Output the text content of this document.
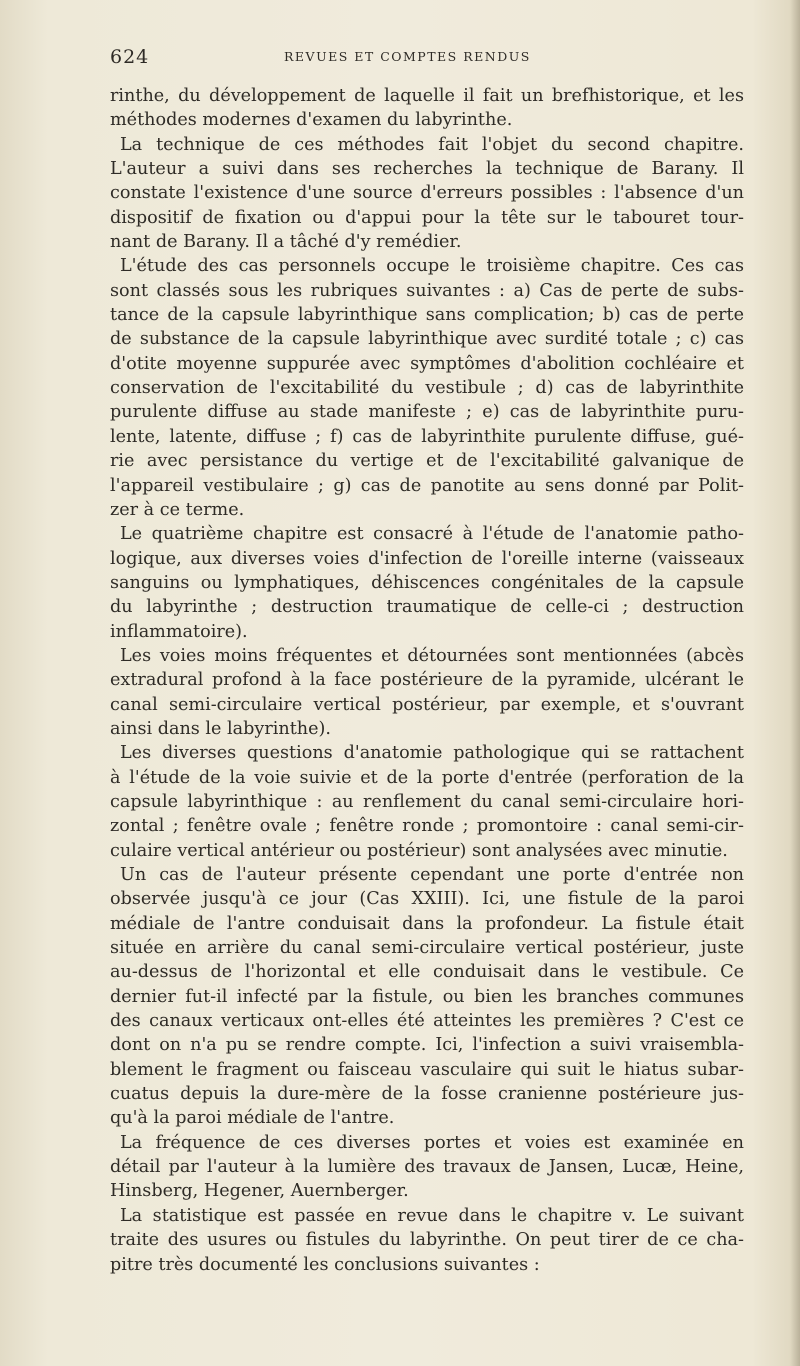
624	REVUES ET COMPTES RENDUS
rinthe, du développement de laquelle il fait un brefhistorique, et les
méthodes modernes d'examen du labyrinthe.
La technique de ces méthodes fait l'objet du second chapitre.
L'auteur a suivi dans ses recherches la technique de Barany. Il
constate l'existence d'une source d'erreurs possibles : l'absence d'un
dispositif de fixation ou d'appui pour la tête sur le tabouret tour-
nant de Barany. Il a tâché d'y remédier.
L'étude des cas personnels occupe le troisième chapitre. Ces cas
sont classés sous les rubriques suivantes : a) Cas de perte de subs-
tance de la capsule labyrinthique sans complication; b) cas de perte
de substance de la capsule labyrinthique avec surdité totale ; c) cas
d'otite moyenne suppurée avec symptômes d'abolition cochléaire et
conservation de l'excitabilité du vestibule ; d) cas de labyrinthite
purulente diffuse au stade manifeste ; e) cas de labyrinthite puru-
lente, latente, diffuse ; f) cas de labyrinthite purulente diffuse, gué-
rie avec persistance du vertige et de l'excitabilité galvanique de
l'appareil vestibulaire ; g) cas de panotite au sens donné par Polit-
zer à ce terme.
Le quatrième chapitre est consacré à l'étude de l'anatomie patho-
logique, aux diverses voies d'infection de l'oreille interne (vaisseaux
sanguins ou lymphatiques, déhiscences congénitales de la capsule
du labyrinthe ; destruction traumatique de celle-ci ; destruction
inflammatoire).
Les voies moins fréquentes et détournées sont mentionnées (abcès
extradural profond à la face postérieure de la pyramide, ulcérant le
canal semi-circulaire vertical postérieur, par exemple, et s'ouvrant
ainsi dans le labyrinthe).
Les diverses questions d'anatomie pathologique qui se rattachent
à l'étude de la voie suivie et de la porte d'entrée (perforation de la
capsule labyrinthique : au renflement du canal semi-circulaire hori-
zontal ; fenêtre ovale ; fenêtre ronde ; promontoire : canal semi-cir-
culaire vertical antérieur ou postérieur) sont analysées avec minutie.
Un cas de l'auteur présente cependant une porte d'entrée non
observée jusqu'à ce jour (Cas XXIII). Ici, une fistule de la paroi
médiale de l'antre conduisait dans la profondeur. La fistule était
située en arrière du canal semi-circulaire vertical postérieur, juste
au-dessus de l'horizontal et elle conduisait dans le vestibule. Ce
dernier fut-il infecté par la fistule, ou bien les branches communes
des canaux verticaux ont-elles été atteintes les premières ? C'est ce
dont on n'a pu se rendre compte. Ici, l'infection a suivi vraisembla-
blement le fragment ou faisceau vasculaire qui suit le hiatus subar-
cuatus depuis la dure-mère de la fosse cranienne postérieure jus-
qu'à la paroi médiale de l'antre.
La fréquence de ces diverses portes et voies est examinée en
détail par l'auteur à la lumière des travaux de Jansen, Lucæ, Heine,
Hinsberg, Hegener, Auernberger.
La statistique est passée en revue dans le chapitre v. Le suivant
traite des usures ou fistules du labyrinthe. On peut tirer de ce cha-
pitre très documenté les conclusions suivantes :
